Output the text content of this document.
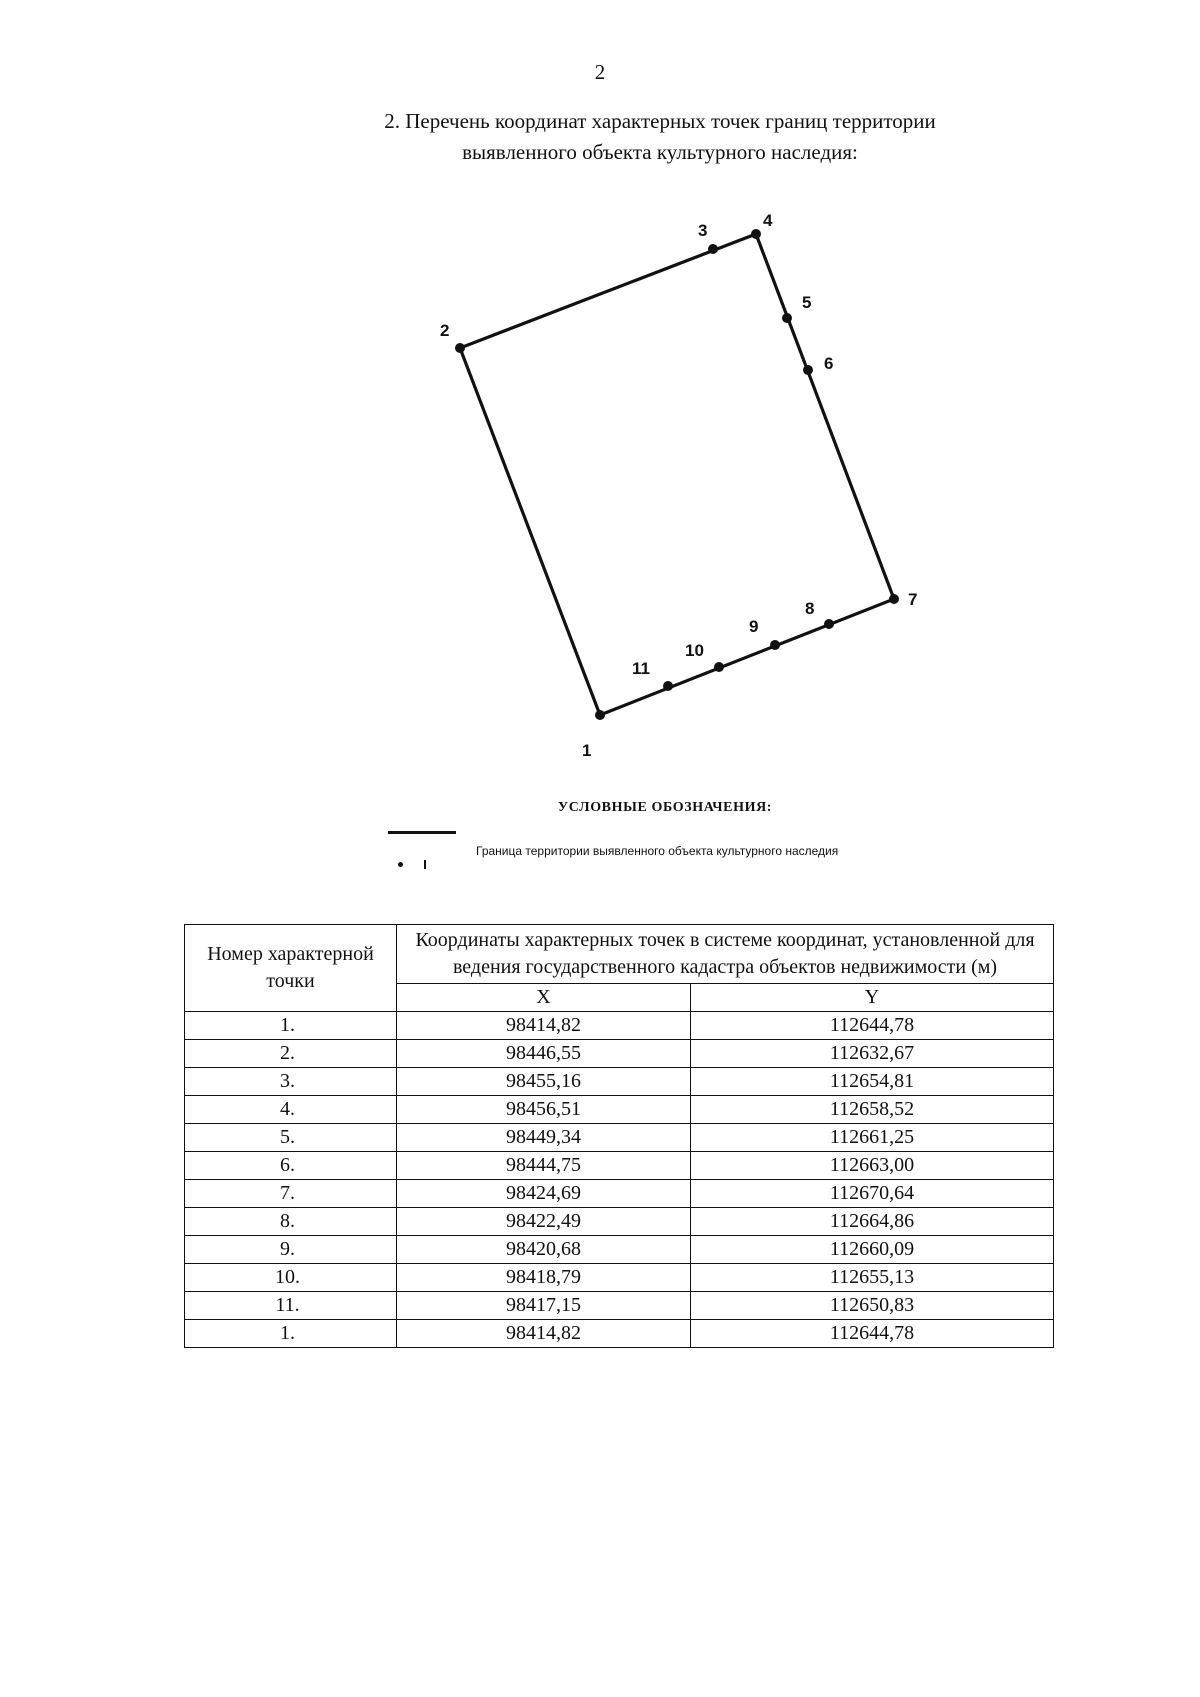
2
2. Перечень координат характерных точек границ территории
выявленного объекта культурного наследия:
1
2
3
4
5
6
7
8
9
10
11
УСЛОВНЫЕ ОБОЗНАЧЕНИЯ:
Граница территории выявленного объекта культурного наследия
Номер характерной точки	Координаты характерных точек в системе координат, установленной для ведения государственного кадастра объектов недвижимости (м)	
	X	Y
1.	98414,82	112644,78
2.	98446,55	112632,67
3.	98455,16	112654,81
4.	98456,51	112658,52
5.	98449,34	112661,25
6.	98444,75	112663,00
7.	98424,69	112670,64
8.	98422,49	112664,86
9.	98420,68	112660,09
10.	98418,79	112655,13
11.	98417,15	112650,83
1.	98414,82	112644,78
